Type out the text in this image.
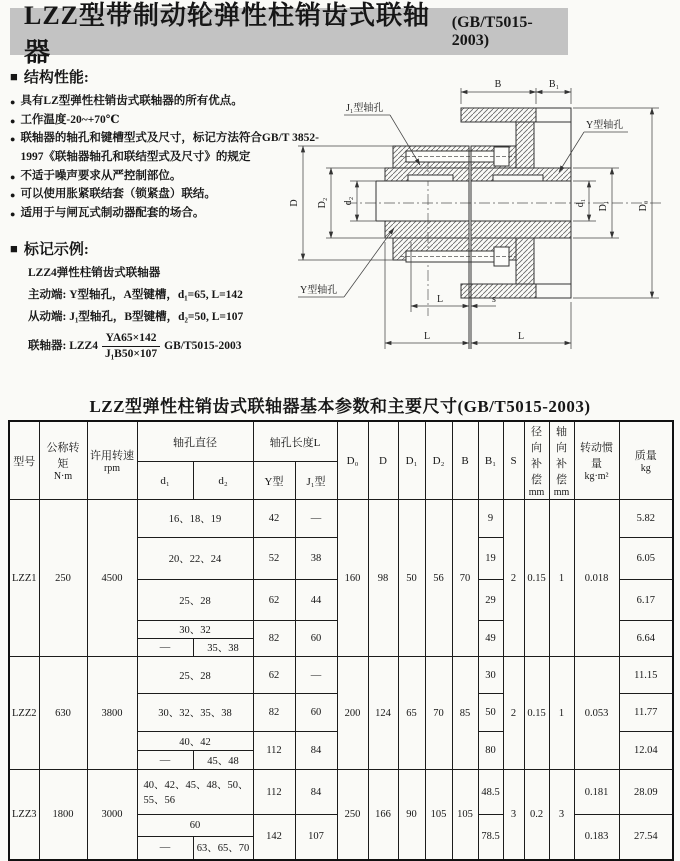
LZZ型带制动轮弹性柱销齿式联轴器
(GB/T5015-2003)
■ 结构性能:
● 具有LZ型弹性柱销齿式联轴器的所有优点。
● 工作温度-20~+70℃
● 联轴器的轴孔和键槽型式及尺寸，标记方法符合GB/T 3852-1997《联轴器轴孔和联结型式及尺寸》的规定
● 不适于噪声要求从严控制部位。
● 可以使用胀紧联结套（锁紧盘）联结。
● 适用于与闸瓦式制动器配套的场合。
■ 标记示例:
LZZ4弹性柱销齿式联轴器
主动端: Y型轴孔，A型键槽，d₁=65, L=142
从动端: J₁型轴孔，B型键槽，d₂=50, L=107
联轴器: $LZZ4 \frac{YA65\times 142}{\text{J₁B50×107}} GB/T5015-2003$
B	B₁
D₀
D₁
d₁
D D₂ d₂
L	s
L	L
J₁型轴孔
Y型轴孔
Y型轴孔
LZZ型弹性柱销齿式联轴器基本参数和主要尺寸(GB/T5015-2003)
型号	
公称转矩
N·m

许用转速
rpm
	轴孔直径	轴孔长度L	D₀	D	D₁	D₂	B	B₁	S	
径向
补偿
mm

轴向
补偿
mm

转动惯量
kg·m²

质量
kg

			d₁	d₂	Y型	J₁型											
LZZ1	250	4500	16、18、19		42	—	160	98	50	56	70	9	2	0.15	1	0.018	5.82
			20、22、24		52	38						19					6.05
			25、28		62	44						29					6.17
			30、32		82	60						49					6.64
			—	35、38													
LZZ2	630	3800	25、28		62	—	200	124	65	70	85	30	2	0.15	1	0.053	11.15
			30、32、35、38		82	60						50					11.77
			40、42		112	84						80					12.04
			—	45、48													
LZZ3	1800	3000	40、42、45、48、50、55、56		112	84	250	166	90	105	105	48.5	3	0.2	3	0.181	28.09
			60		142	107						78.5				0.183	27.54
			—	63、65、70													
